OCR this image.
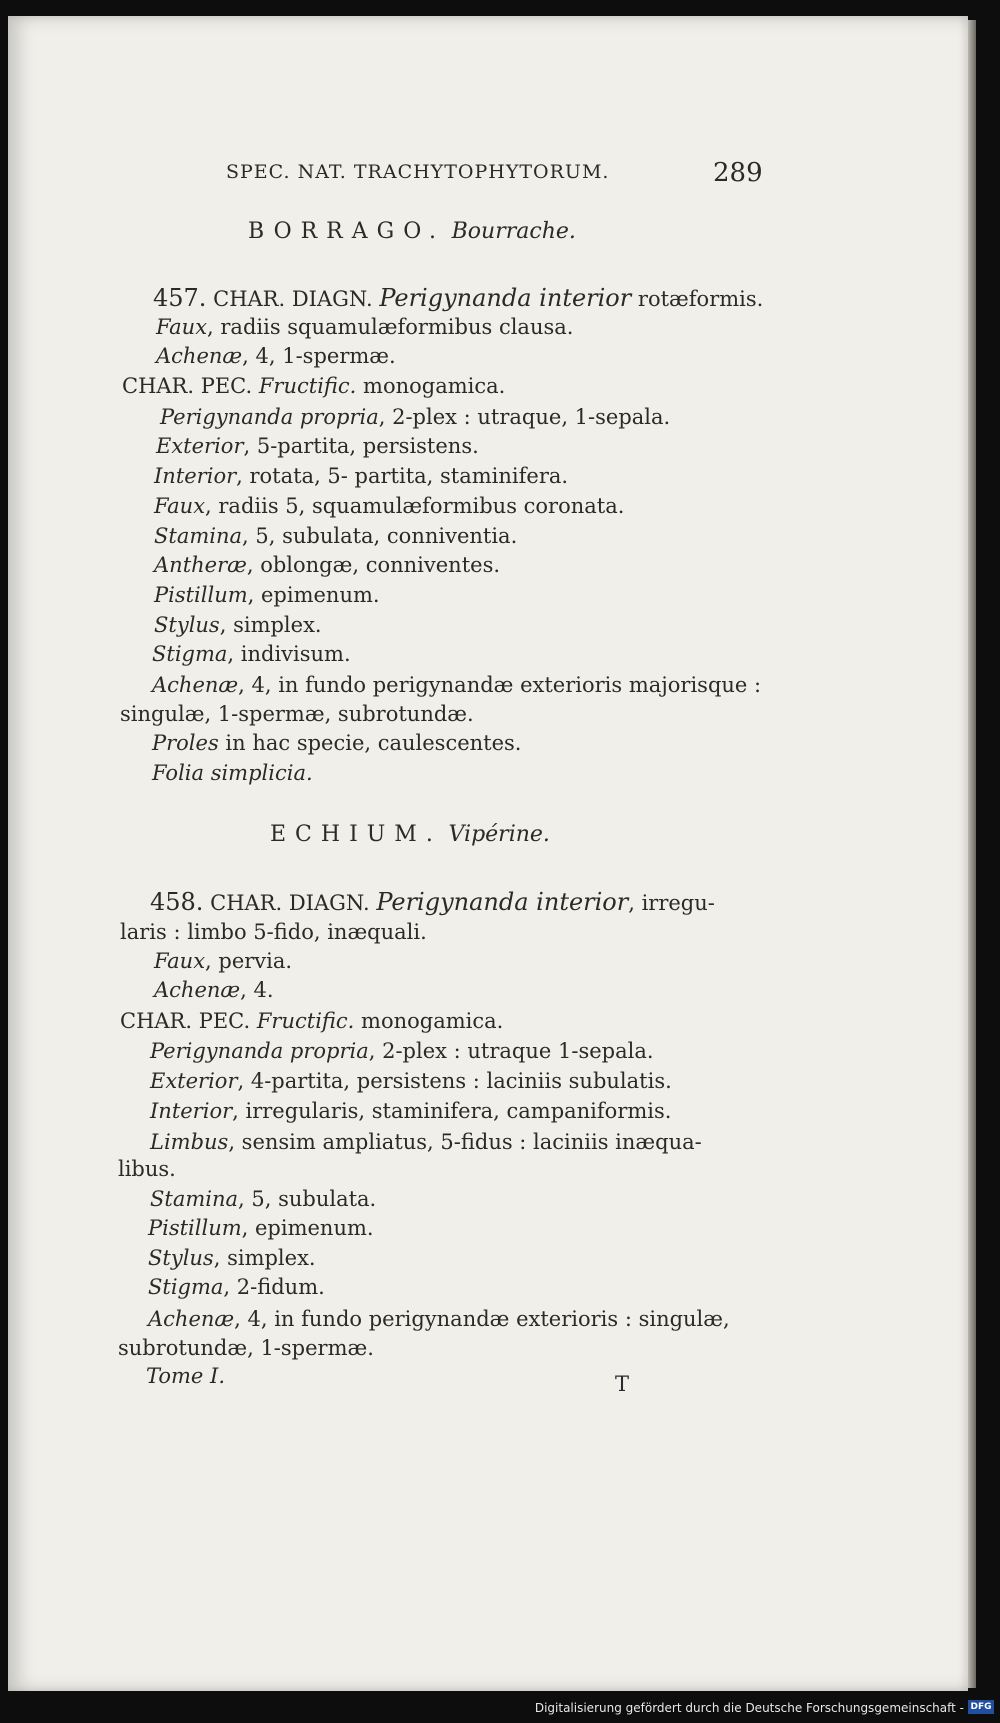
SPEC. NAT. TRACHYTOPHYTORUM.	289
BORRAGO. Bourrache.
457. CHAR. DIAGN. Perigynanda interior rotæformis.
Faux, radiis squamulæformibus clausa.
Achenæ, 4, 1-spermæ.
CHAR. PEC. Fructific. monogamica.
Perigynanda propria, 2-plex : utraque, 1-sepala.
Exterior, 5-partita, persistens.
Interior, rotata, 5- partita, staminifera.
Faux, radiis 5, squamulæformibus coronata.
Stamina, 5, subulata, conniventia.
Antheræ, oblongæ, conniventes.
Pistillum, epimenum.
Stylus, simplex.
Stigma, indivisum.
Achenæ, 4, in fundo perigynandæ exterioris majorisque :
singulæ, 1-spermæ, subrotundæ.
Proles in hac specie, caulescentes.
Folia simplicia.
ECHIUM. Vipérine.
458. CHAR. DIAGN. Perigynanda interior, irregu-
laris : limbo 5-fido, inæquali.
Faux, pervia.
Achenæ, 4.
CHAR. PEC. Fructific. monogamica.
Perigynanda propria, 2-plex : utraque 1-sepala.
Exterior, 4-partita, persistens : laciniis subulatis.
Interior, irregularis, staminifera, campaniformis.
Limbus, sensim ampliatus, 5-fidus : laciniis inæqua-
libus.
Stamina, 5, subulata.
Pistillum, epimenum.
Stylus, simplex.
Stigma, 2-fidum.
Achenæ, 4, in fundo perigynandæ exterioris : singulæ,
subrotundæ, 1-spermæ.
Tome I.	T
Digitalisierung gefördert durch die Deutsche Forschungsgemeinschaft - DFG
